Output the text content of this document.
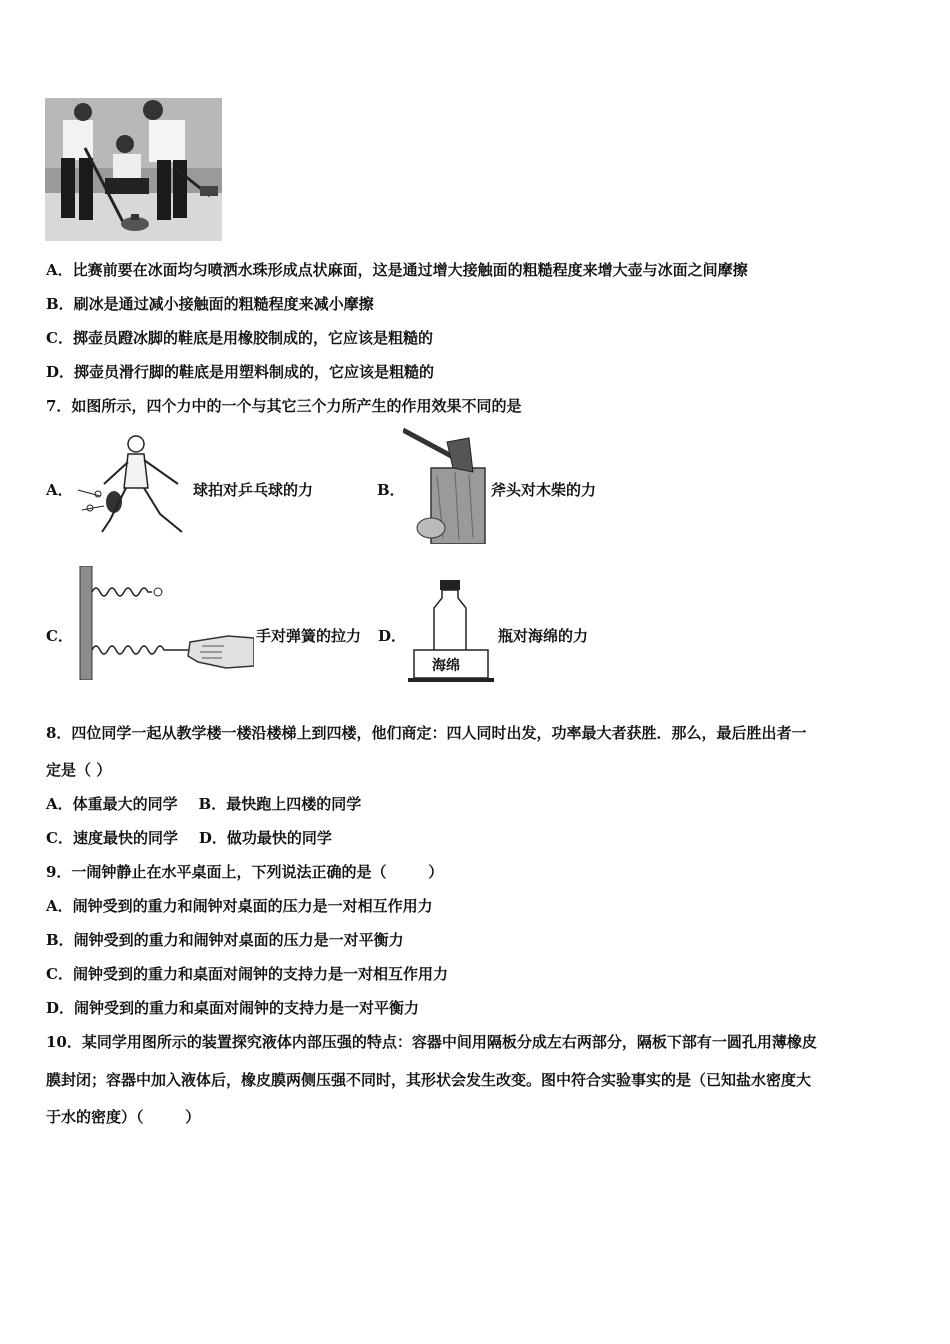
A．比赛前要在冰面均匀喷洒水珠形成点状麻面，这是通过增大接触面的粗糙程度来增大壶与冰面之间摩擦
B．刷冰是通过减小接触面的粗糙程度来减小摩擦
C．掷壶员蹬冰脚的鞋底是用橡胶制成的，它应该是粗糙的
D．掷壶员滑行脚的鞋底是用塑料制成的，它应该是粗糙的
7．如图所示，四个力中的一个与其它三个力所产生的作用效果不同的是
A．	球拍对乒乓球的力	B．	斧头对木柴的力
C．	手对弹簧的拉力 D．
海绵
瓶对海绵的力
8．四位同学一起从教学楼一楼沿楼梯上到四楼，他们商定：四人同时出发，功率最大者获胜．那么，最后胜出者一
定是（ ）
A．体重最大的同学    B．最快跑上四楼的同学
C．速度最快的同学    D．做功最快的同学
9．一闹钟静止在水平桌面上，下列说法正确的是（        ）
A．闹钟受到的重力和闹钟对桌面的压力是一对相互作用力
B．闹钟受到的重力和闹钟对桌面的压力是一对平衡力
C．闹钟受到的重力和桌面对闹钟的支持力是一对相互作用力
D．闹钟受到的重力和桌面对闹钟的支持力是一对平衡力
10．某同学用图所示的装置探究液体内部压强的特点：容器中间用隔板分成左右两部分，隔板下部有一圆孔用薄橡皮
膜封闭；容器中加入液体后，橡皮膜两侧压强不同时，其形状会发生改变。图中符合实验事实的是（已知盐水密度大
于水的密度）（        ）
